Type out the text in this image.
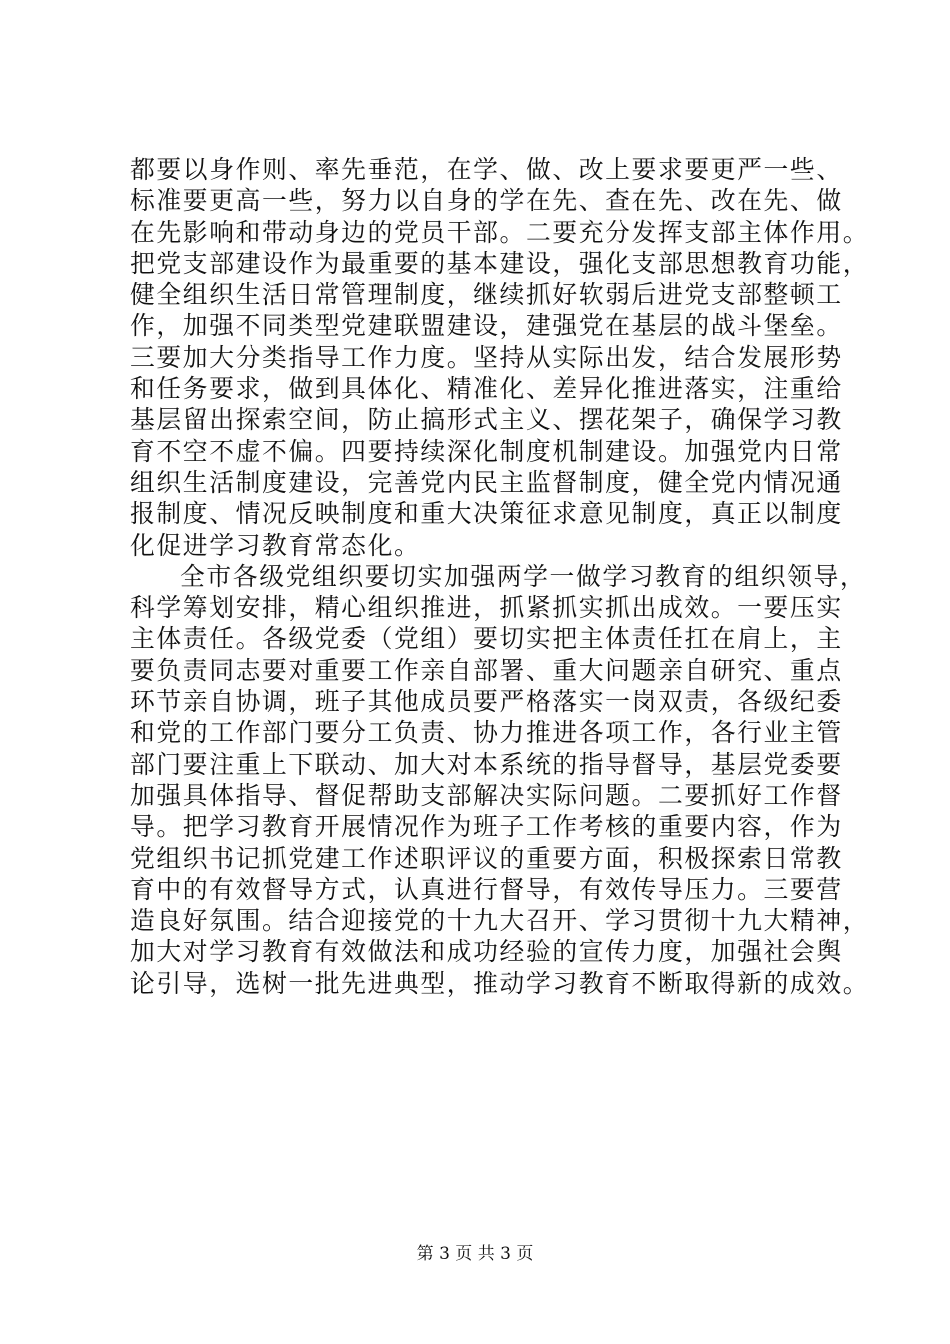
都要以身作则、率先垂范，在学、做、改上要求要更严一些、
标准要更高一些，努力以自身的学在先、查在先、改在先、做
在先影响和带动身边的党员干部。二要充分发挥支部主体作用。
把党支部建设作为最重要的基本建设，强化支部思想教育功能，
健全组织生活日常管理制度，继续抓好软弱后进党支部整顿工
作，加强不同类型党建联盟建设，建强党在基层的战斗堡垒。
三要加大分类指导工作力度。坚持从实际出发，结合发展形势
和任务要求，做到具体化、精准化、差异化推进落实，注重给
基层留出探索空间，防止搞形式主义、摆花架子，确保学习教
育不空不虚不偏。四要持续深化制度机制建设。加强党内日常
组织生活制度建设，完善党内民主监督制度，健全党内情况通
报制度、情况反映制度和重大决策征求意见制度，真正以制度
化促进学习教育常态化。
全市各级党组织要切实加强两学一做学习教育的组织领导，
科学筹划安排，精心组织推进，抓紧抓实抓出成效。一要压实
主体责任。各级党委（党组）要切实把主体责任扛在肩上，主
要负责同志要对重要工作亲自部署、重大问题亲自研究、重点
环节亲自协调，班子其他成员要严格落实一岗双责，各级纪委
和党的工作部门要分工负责、协力推进各项工作，各行业主管
部门要注重上下联动、加大对本系统的指导督导，基层党委要
加强具体指导、督促帮助支部解决实际问题。二要抓好工作督
导。把学习教育开展情况作为班子工作考核的重要内容，作为
党组织书记抓党建工作述职评议的重要方面，积极探索日常教
育中的有效督导方式，认真进行督导，有效传导压力。三要营
造良好氛围。结合迎接党的十九大召开、学习贯彻十九大精神，
加大对学习教育有效做法和成功经验的宣传力度，加强社会舆
论引导，选树一批先进典型，推动学习教育不断取得新的成效。
第 3 页 共 3 页
